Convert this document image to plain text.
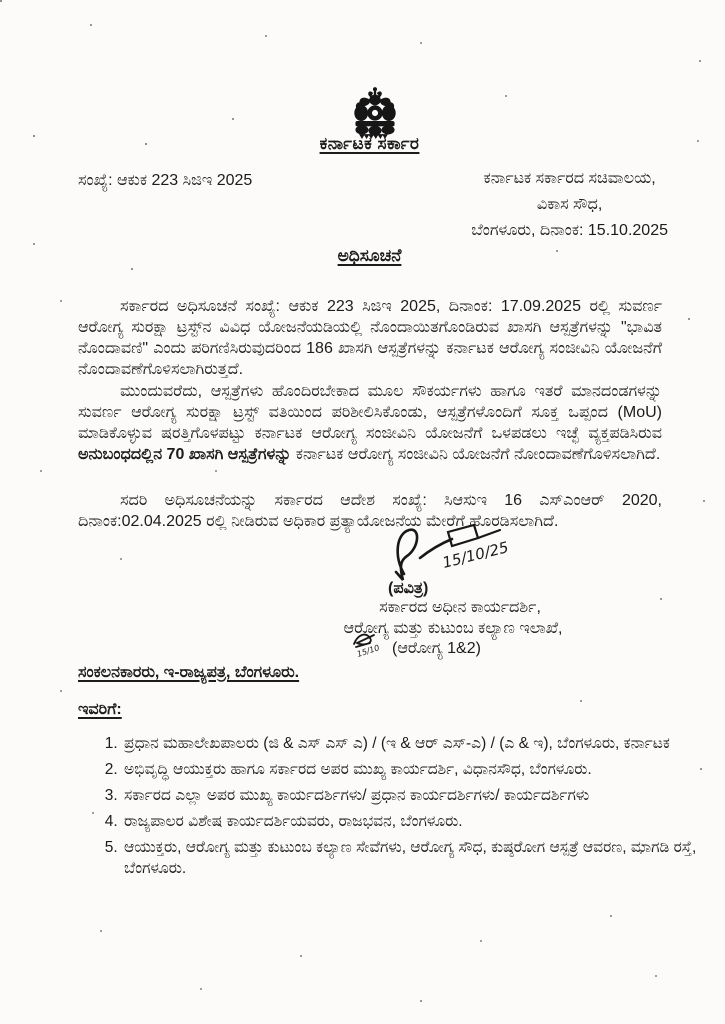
ಕರ್ನಾಟಕ ಸರ್ಕಾರ
ಸಂಖ್ಯೆ: ಆಕುಕ 223 ಸಿಜಿಇ 2025	ಕರ್ನಾಟಕ ಸರ್ಕಾರದ ಸಚಿವಾಲಯ,
ವಿಕಾಸ ಸೌಧ,
ಬೆಂಗಳೂರು, ದಿನಾಂಕ: 15.10.2025
ಅಧಿಸೂಚನೆ

ಸರ್ಕಾರದ ಅಧಿಸೂಚನೆ ಸಂಖ್ಯೆ: ಆಕುಕ 223 ಸಿಜಿಇ 2025, ದಿನಾಂಕ: 17.09.2025 ರಲ್ಲಿ ಸುವರ್ಣ ಆರೋಗ್ಯ ಸುರಕ್ಷಾ ಟ್ರಸ್ಟ್‌ನ ವಿವಿಧ ಯೋಜನೆಯಡಿಯಲ್ಲಿ ನೊಂದಾಯಿತಗೊಂಡಿರುವ ಖಾಸಗಿ ಆಸ್ಪತ್ರೆಗಳನ್ನು "ಭಾವಿತ ನೊಂದಾವಣಿ" ಎಂದು ಪರಿಗಣಿಸಿರುವುದರಿಂದ 186 ಖಾಸಗಿ ಆಸ್ಪತ್ರೆಗಳನ್ನು ಕರ್ನಾಟಕ ಆರೋಗ್ಯ ಸಂಜೀವಿನಿ ಯೋಜನೆಗೆ ನೊಂದಾವಣೆಗೊಳಿಸಲಾಗಿರುತ್ತದೆ.

ಮುಂದುವರೆದು, ಆಸ್ಪತ್ರೆಗಳು ಹೊಂದಿರಬೇಕಾದ ಮೂಲ ಸೌಕರ್ಯಗಳು ಹಾಗೂ ಇತರೆ ಮಾನದಂಡಗಳನ್ನು ಸುವರ್ಣ ಆರೋಗ್ಯ ಸುರಕ್ಷಾ ಟ್ರಸ್ಟ್ ವತಿಯಿಂದ ಪರಿಶೀಲಿಸಿಕೊಂಡು, ಆಸ್ಪತ್ರೆಗಳೊಂದಿಗೆ ಸೂಕ್ತ ಒಪ್ಪಂದ (MoU) ಮಾಡಿಕೊಳ್ಳುವ ಷರತ್ತಿಗೊಳಪಟ್ಟು ಕರ್ನಾಟಕ ಆರೋಗ್ಯ ಸಂಜೀವಿನಿ ಯೋಜನೆಗೆ ಒಳಪಡಲು ಇಚ್ಛೆ ವ್ಯಕ್ತಪಡಿಸಿರುವ ಅನುಬಂಧದಲ್ಲಿನ 70 ಖಾಸಗಿ ಆಸ್ಪತ್ರೆಗಳನ್ನು ಕರ್ನಾಟಕ ಆರೋಗ್ಯ ಸಂಜೀವಿನಿ ಯೋಜನೆಗೆ ನೋಂದಾವಣೆಗೊಳಿಸಲಾಗಿದೆ.

ಸದರಿ ಅಧಿಸೂಚನೆಯನ್ನು ಸರ್ಕಾರದ ಆದೇಶ ಸಂಖ್ಯೆ: ಸಿಆಸುಇ 16 ಎಸ್ಎಂಆರ್ 2020, ದಿನಾಂಕ:02.04.2025 ರಲ್ಲಿ ನೀಡಿರುವ ಅಧಿಕಾರ ಪ್ರತ್ಯಾಯೋಜನೆಯ ಮೇರೆಗೆ ಹೊರಡಿಸಲಾಗಿದೆ.

15/10/25
(ಪವಿತ್ರ)
ಸರ್ಕಾರದ ಅಧೀನ ಕಾರ್ಯದರ್ಶಿ,
ಆರೋಗ್ಯ ಮತ್ತು ಕುಟುಂಬ ಕಲ್ಯಾಣ ಇಲಾಖೆ,
15/10 (ಆರೋಗ್ಯ 1&2)
ಸಂಕಲನಕಾರರು, ಇ-ರಾಜ್ಯಪತ್ರ, ಬೆಂಗಳೂರು.
ಇವರಿಗೆ:
1. ಪ್ರಧಾನ ಮಹಾಲೇಖಪಾಲರು (ಜಿ & ಎಸ್ ಎಸ್ ಎ) / (ಇ & ಆರ್ ಎಸ್-ಎ) / (ಎ & ಇ), ಬೆಂಗಳೂರು, ಕರ್ನಾಟಕ
2. ಅಭಿವೃದ್ಧಿ ಆಯುಕ್ತರು ಹಾಗೂ ಸರ್ಕಾರದ ಅಪರ ಮುಖ್ಯ ಕಾರ್ಯದರ್ಶಿ, ವಿಧಾನಸೌಧ, ಬೆಂಗಳೂರು.
3. ಸರ್ಕಾರದ ಎಲ್ಲಾ ಅಪರ ಮುಖ್ಯ ಕಾರ್ಯದರ್ಶಿಗಳು/ ಪ್ರಧಾನ ಕಾರ್ಯದರ್ಶಿಗಳು/ ಕಾರ್ಯದರ್ಶಿಗಳು
4. ರಾಜ್ಯಪಾಲರ ವಿಶೇಷ ಕಾರ್ಯದರ್ಶಿಯವರು, ರಾಜಭವನ, ಬೆಂಗಳೂರು.
5. ಆಯುಕ್ತರು, ಆರೋಗ್ಯ ಮತ್ತು ಕುಟುಂಬ ಕಲ್ಯಾಣ ಸೇವೆಗಳು, ಆರೋಗ್ಯ ಸೌಧ, ಕುಷ್ಠರೋಗ ಆಸ್ಪತ್ರೆ ಆವರಣ, ಮಾಗಡಿ ರಸ್ತೆ, ಬೆಂಗಳೂರು.
